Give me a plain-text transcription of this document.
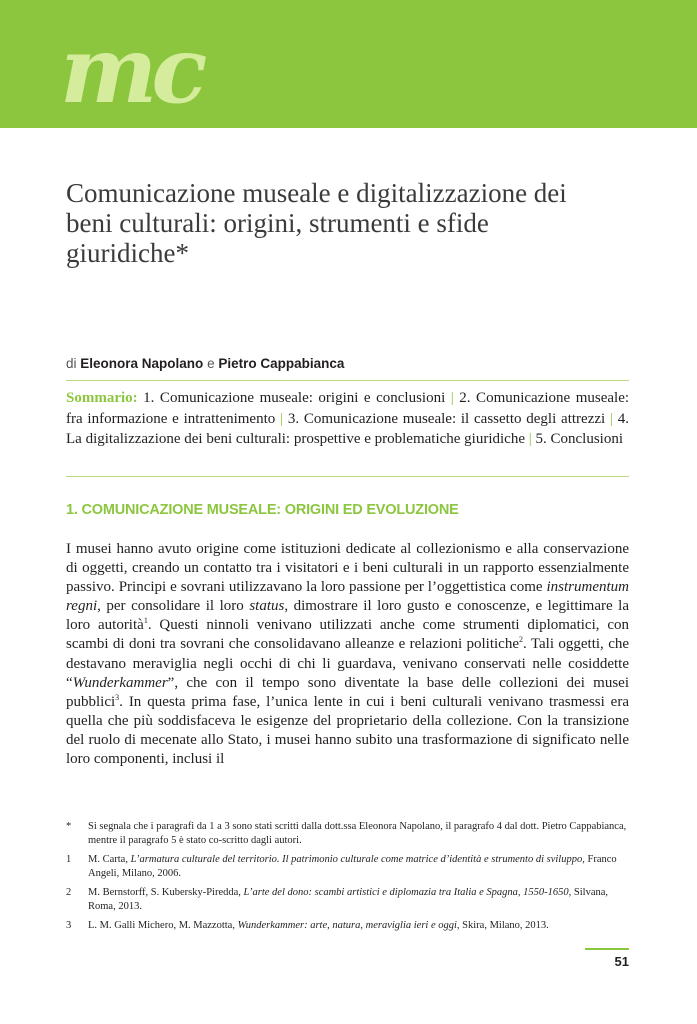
mc
Comunicazione museale e digitalizzazione dei beni culturali: origini, strumenti e sfide giuridiche*
di Eleonora Napolano e Pietro Cappabianca
Sommario: 1. Comunicazione museale: origini e conclusioni | 2. Comunicazione museale: fra informazione e intrattenimento | 3. Comunicazione museale: il cassetto degli attrezzi | 4. La digitalizzazione dei beni culturali: prospettive e problematiche giuridiche | 5. Conclusioni
1. COMUNICAZIONE MUSEALE: ORIGINI ED EVOLUZIONE

I musei hanno avuto origine come istituzioni dedicate al collezionismo e alla conservazione di oggetti, creando un contatto tra i visitatori e i beni culturali in un rapporto essenzialmente passivo. Principi e sovrani utilizzavano la loro passione per l’oggettistica come instrumentum regni, per consolidare il loro status, dimostrare il loro gusto e conoscenze, e legittimare la loro autorità$^1$. Questi ninnoli venivano utilizzati anche come strumenti diplomatici, con scambi di doni tra sovrani che consolidavano alleanze e relazioni politiche$^2$. Tali oggetti, che destavano meraviglia negli occhi di chi li guardava, venivano conservati nelle cosiddette “Wunderkammer”, che con il tempo sono diventate la base delle collezioni dei musei pubblici$^3$. In questa prima fase, l’unica lente in cui i beni culturali venivano trasmessi era quella che più soddisfaceva le esigenze del proprietario della collezione. Con la transizione del ruolo di mecenate allo Stato, i musei hanno subito una trasformazione di significato nelle loro componenti, inclusi il

*	Si segnala che i paragrafi da 1 a 3 sono stati scritti dalla dott.ssa Eleonora Napolano, il paragrafo 4 dal dott. Pietro Cappabianca, mentre il paragrafo 5 è stato co-scritto dagli autori.
1	M. Carta, L’armatura culturale del territorio. Il patrimonio culturale come matrice d’identità e strumento di sviluppo, Franco Angeli, Milano, 2006.
2	M. Bernstorff, S. Kubersky-Piredda, L’arte del dono: scambi artistici e diplomazia tra Italia e Spagna, 1550-1650, Silvana, Roma, 2013.
3	L. M. Galli Michero, M. Mazzotta, Wunderkammer: arte, natura, meraviglia ieri e oggi, Skira, Milano, 2013.
51
